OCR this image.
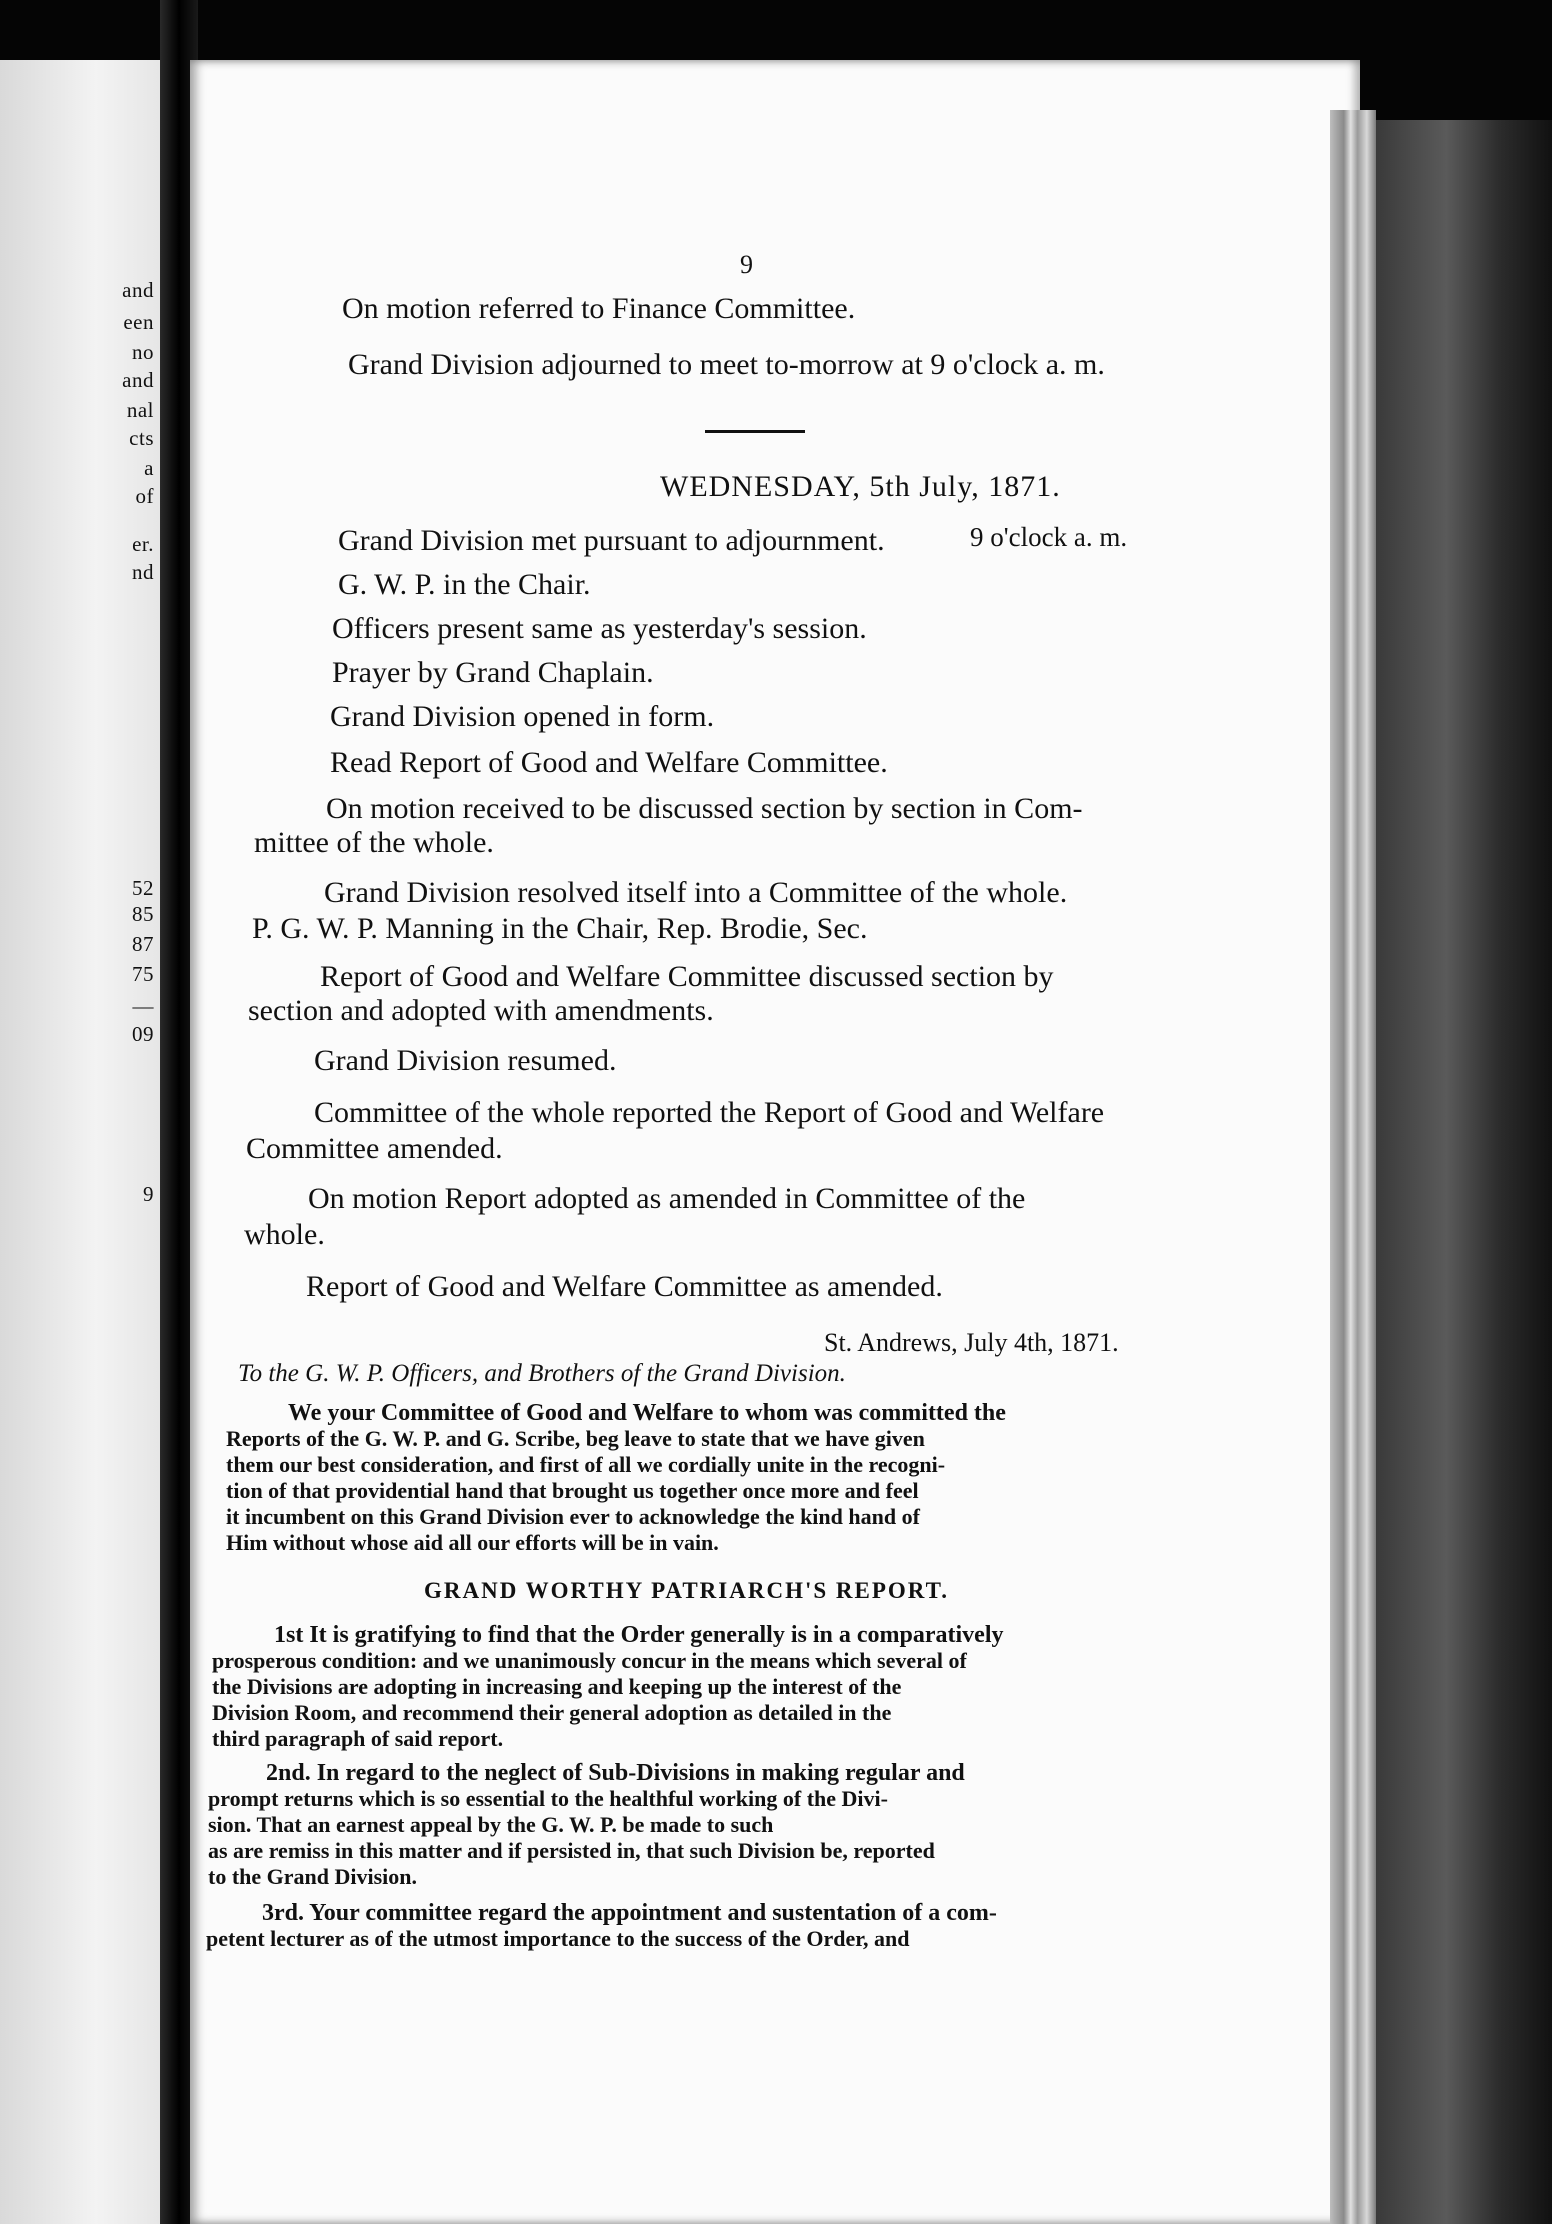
and
een
no
and
nal
cts
a
of
er.
nd
52
85
87
75
—
09
9
9
On motion referred to Finance Committee.
Grand Division adjourned to meet to-morrow at 9 o'clock a. m.
WEDNESDAY, 5th July, 1871.
9 o'clock a. m.
Grand Division met pursuant to adjournment.
G. W. P. in the Chair.
Officers present same as yesterday's session.
Prayer by Grand Chaplain.
Grand Division opened in form.
Read Report of Good and Welfare Committee.
On motion received to be discussed section by section in Com-
mittee of the whole.
Grand Division resolved itself into a Committee of the whole.
P. G. W. P. Manning in the Chair, Rep. Brodie, Sec.
Report of Good and Welfare Committee discussed section by
section and adopted with amendments.
Grand Division resumed.
Committee of the whole reported the Report of Good and Welfare
Committee amended.
On motion Report adopted as amended in Committee of the
whole.
Report of Good and Welfare Committee as amended.
St. Andrews, July 4th, 1871.
To the G. W. P. Officers, and Brothers of the Grand Division.
We your Committee of Good and Welfare to whom was committed the
Reports of the G. W. P. and G. Scribe, beg leave to state that we have given
them our best consideration, and first of all we cordially unite in the recogni-
tion of that providential hand that brought us together once more and feel
it incumbent on this Grand Division ever to acknowledge the kind hand of
Him without whose aid all our efforts will be in vain.
GRAND WORTHY PATRIARCH'S REPORT.
1st It is gratifying to find that the Order generally is in a comparatively
prosperous condition: and we unanimously concur in the means which several of
the Divisions are adopting in increasing and keeping up the interest of the
Division Room, and recommend their general adoption as detailed in the
third paragraph of said report.
2nd. In regard to the neglect of Sub-Divisions in making regular and
prompt returns which is so essential to the healthful working of the Divi-
sion. That an earnest appeal by the G. W. P. be made to such
as are remiss in this matter and if persisted in, that such Division be, reported
to the Grand Division.
3rd. Your committee regard the appointment and sustentation of a com-
petent lecturer as of the utmost importance to the success of the Order, and
